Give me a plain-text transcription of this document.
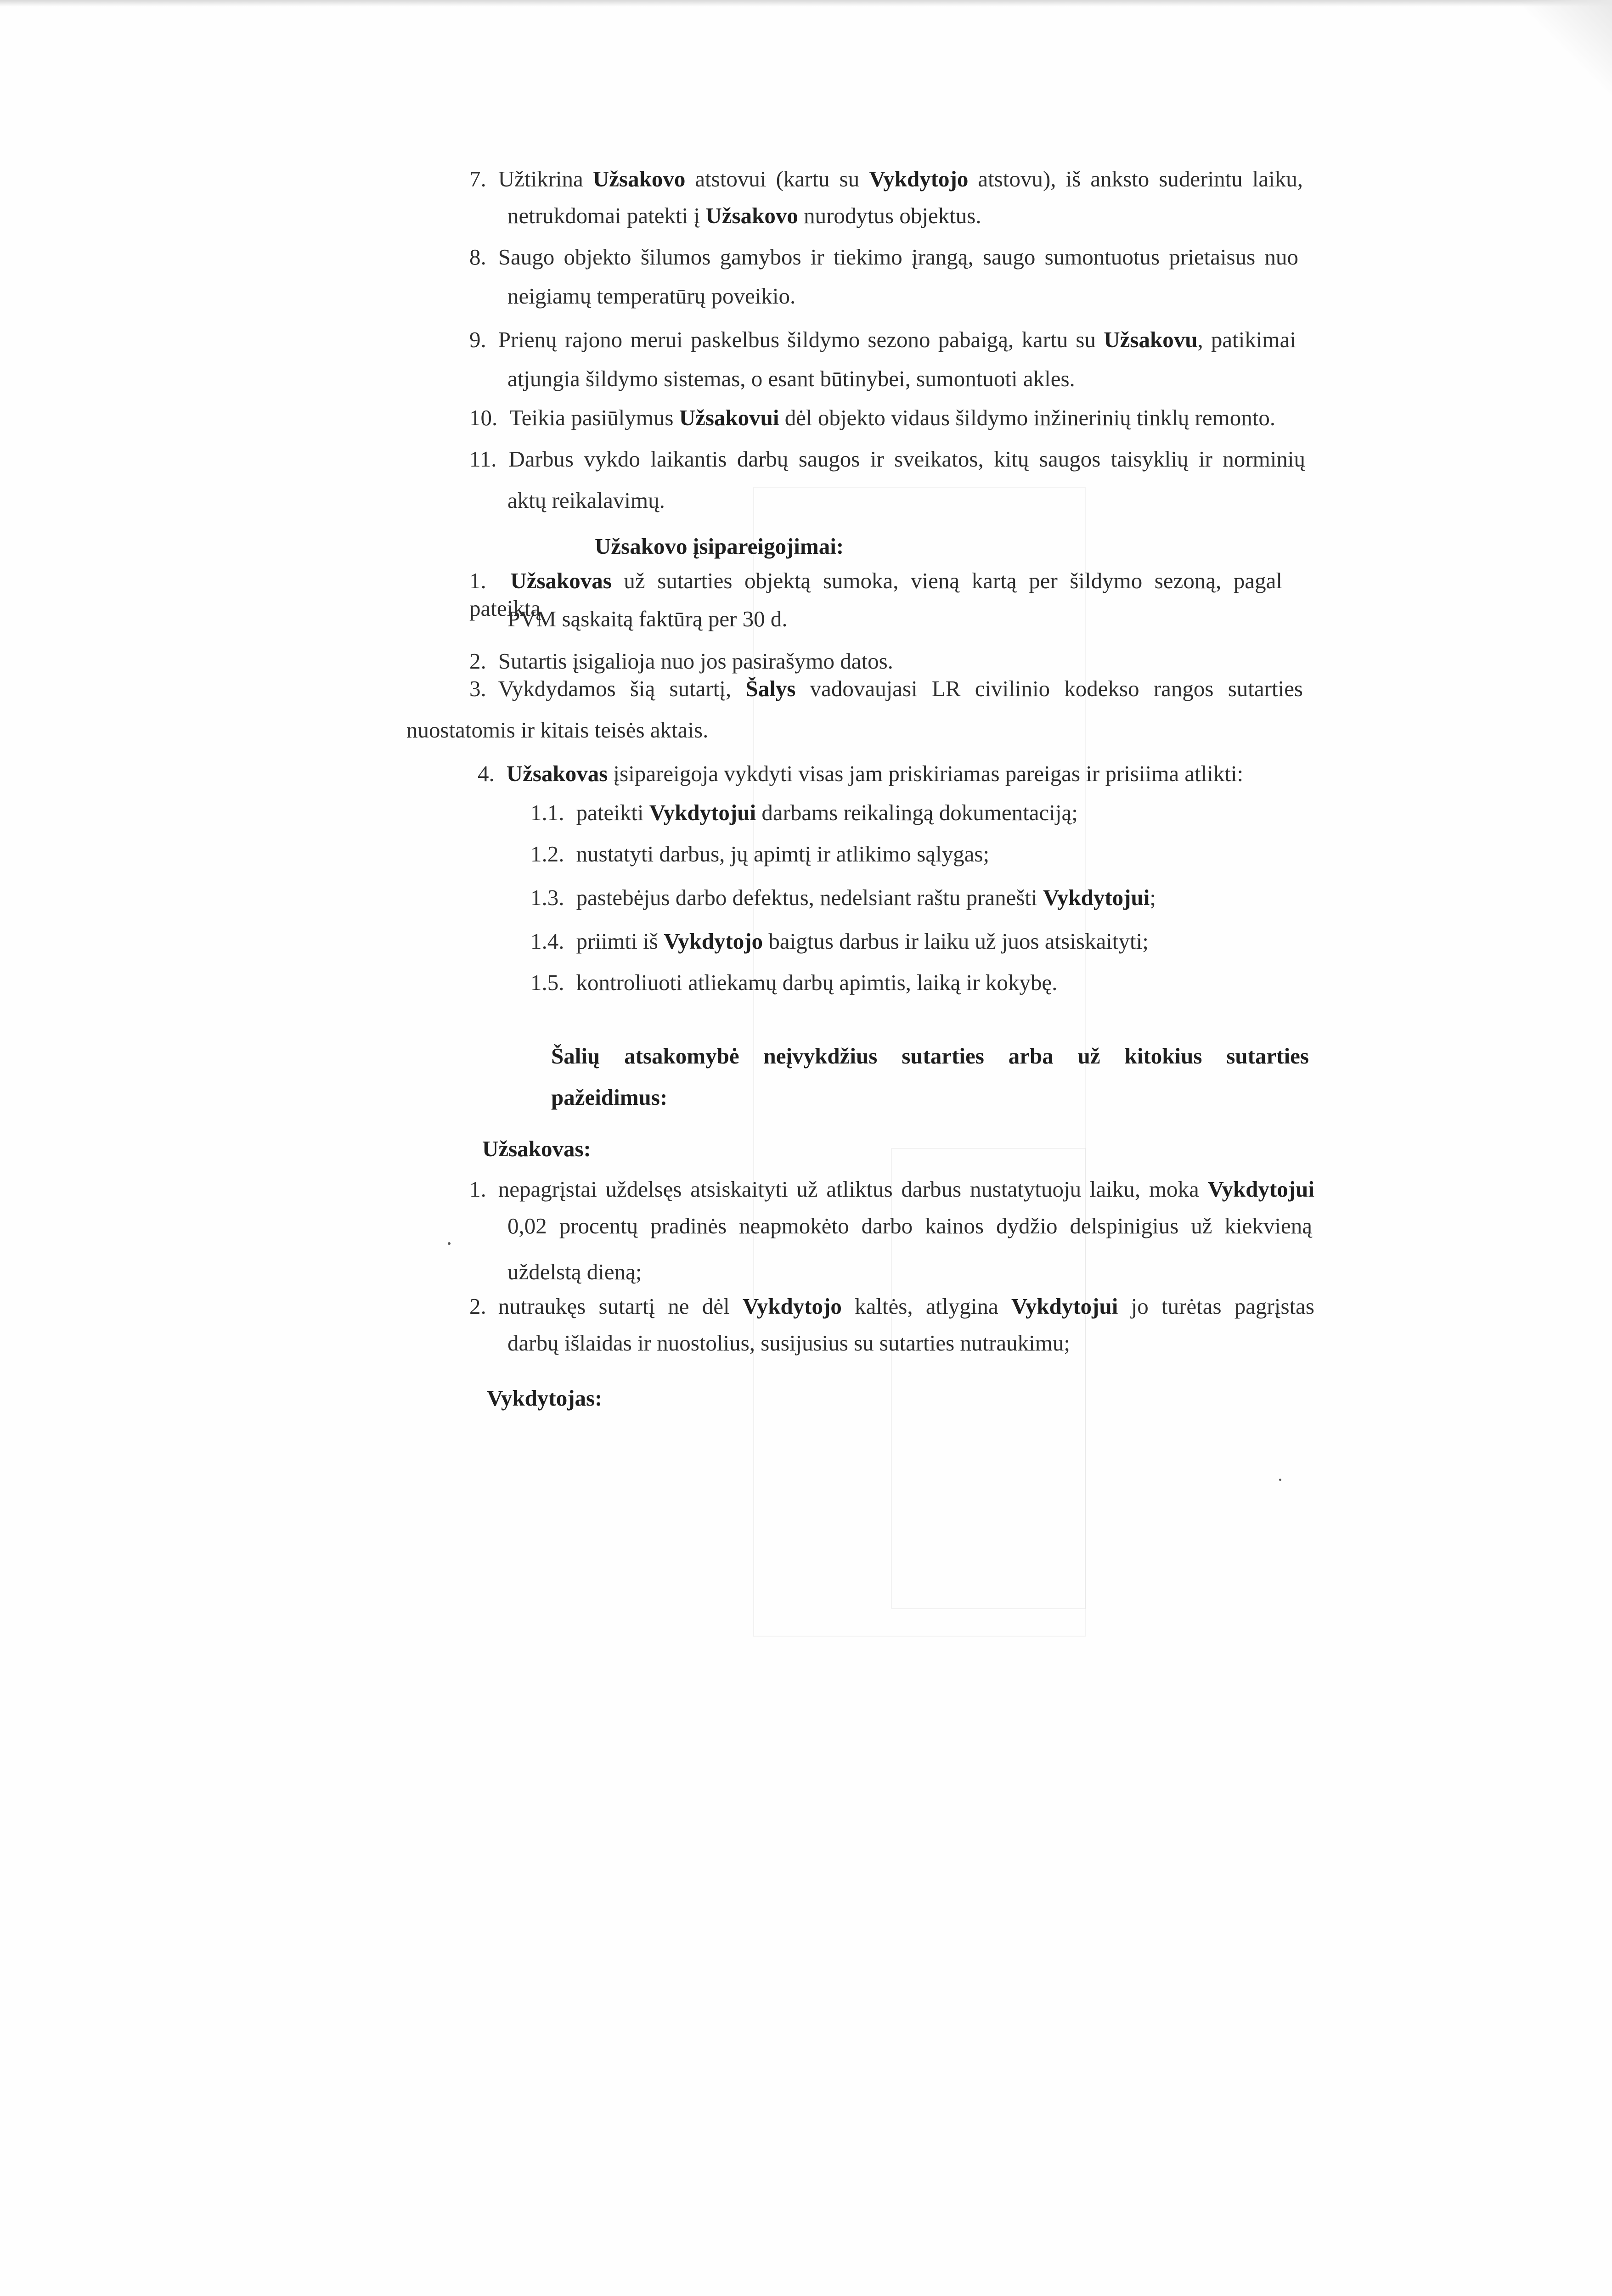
7. Užtikrina Užsakovo atstovui (kartu su Vykdytojo atstovu), iš anksto suderintu laiku,
netrukdomai patekti į Užsakovo nurodytus objektus.
8. Saugo objekto šilumos gamybos ir tiekimo įrangą, saugo sumontuotus prietaisus nuo
neigiamų temperatūrų poveikio.
9. Prienų rajono merui paskelbus šildymo sezono pabaigą, kartu su Užsakovu, patikimai
atjungia šildymo sistemas, o esant būtinybei, sumontuoti akles.
10. Teikia pasiūlymus Užsakovui dėl objekto vidaus šildymo inžinerinių tinklų remonto.
11. Darbus vykdo laikantis darbų saugos ir sveikatos, kitų saugos taisyklių ir norminių
aktų reikalavimų.
Užsakovo įsipareigojimai:
1. Užsakovas už sutarties objektą sumoka, vieną kartą per šildymo sezoną, pagal pateiktą
PVM sąskaitą faktūrą per 30 d.
2. Sutartis įsigalioja nuo jos pasirašymo datos.
3. Vykdydamos šią sutartį, Šalys vadovaujasi LR civilinio kodekso rangos sutarties
nuostatomis ir kitais teisės aktais.
4. Užsakovas įsipareigoja vykdyti visas jam priskiriamas pareigas ir prisiima atlikti:
1.1. pateikti Vykdytojui darbams reikalingą dokumentaciją;
1.2. nustatyti darbus, jų apimtį ir atlikimo sąlygas;
1.3. pastebėjus darbo defektus, nedelsiant raštu pranešti Vykdytojui;
1.4. priimti iš Vykdytojo baigtus darbus ir laiku už juos atsiskaityti;
1.5. kontroliuoti atliekamų darbų apimtis, laiką ir kokybę.
Šalių atsakomybė neįvykdžius sutarties arba už kitokius sutarties
pažeidimus:
Užsakovas:
1. nepagrįstai uždelsęs atsiskaityti už atliktus darbus nustatytuoju laiku, moka Vykdytojui
0,02 procentų pradinės neapmokėto darbo kainos dydžio delspinigius už kiekvieną
uždelstą dieną;
2. nutraukęs sutartį ne dėl Vykdytojo kaltės, atlygina Vykdytojui jo turėtas pagrįstas
darbų išlaidas ir nuostolius, susijusius su sutarties nutraukimu;
Vykdytojas:
